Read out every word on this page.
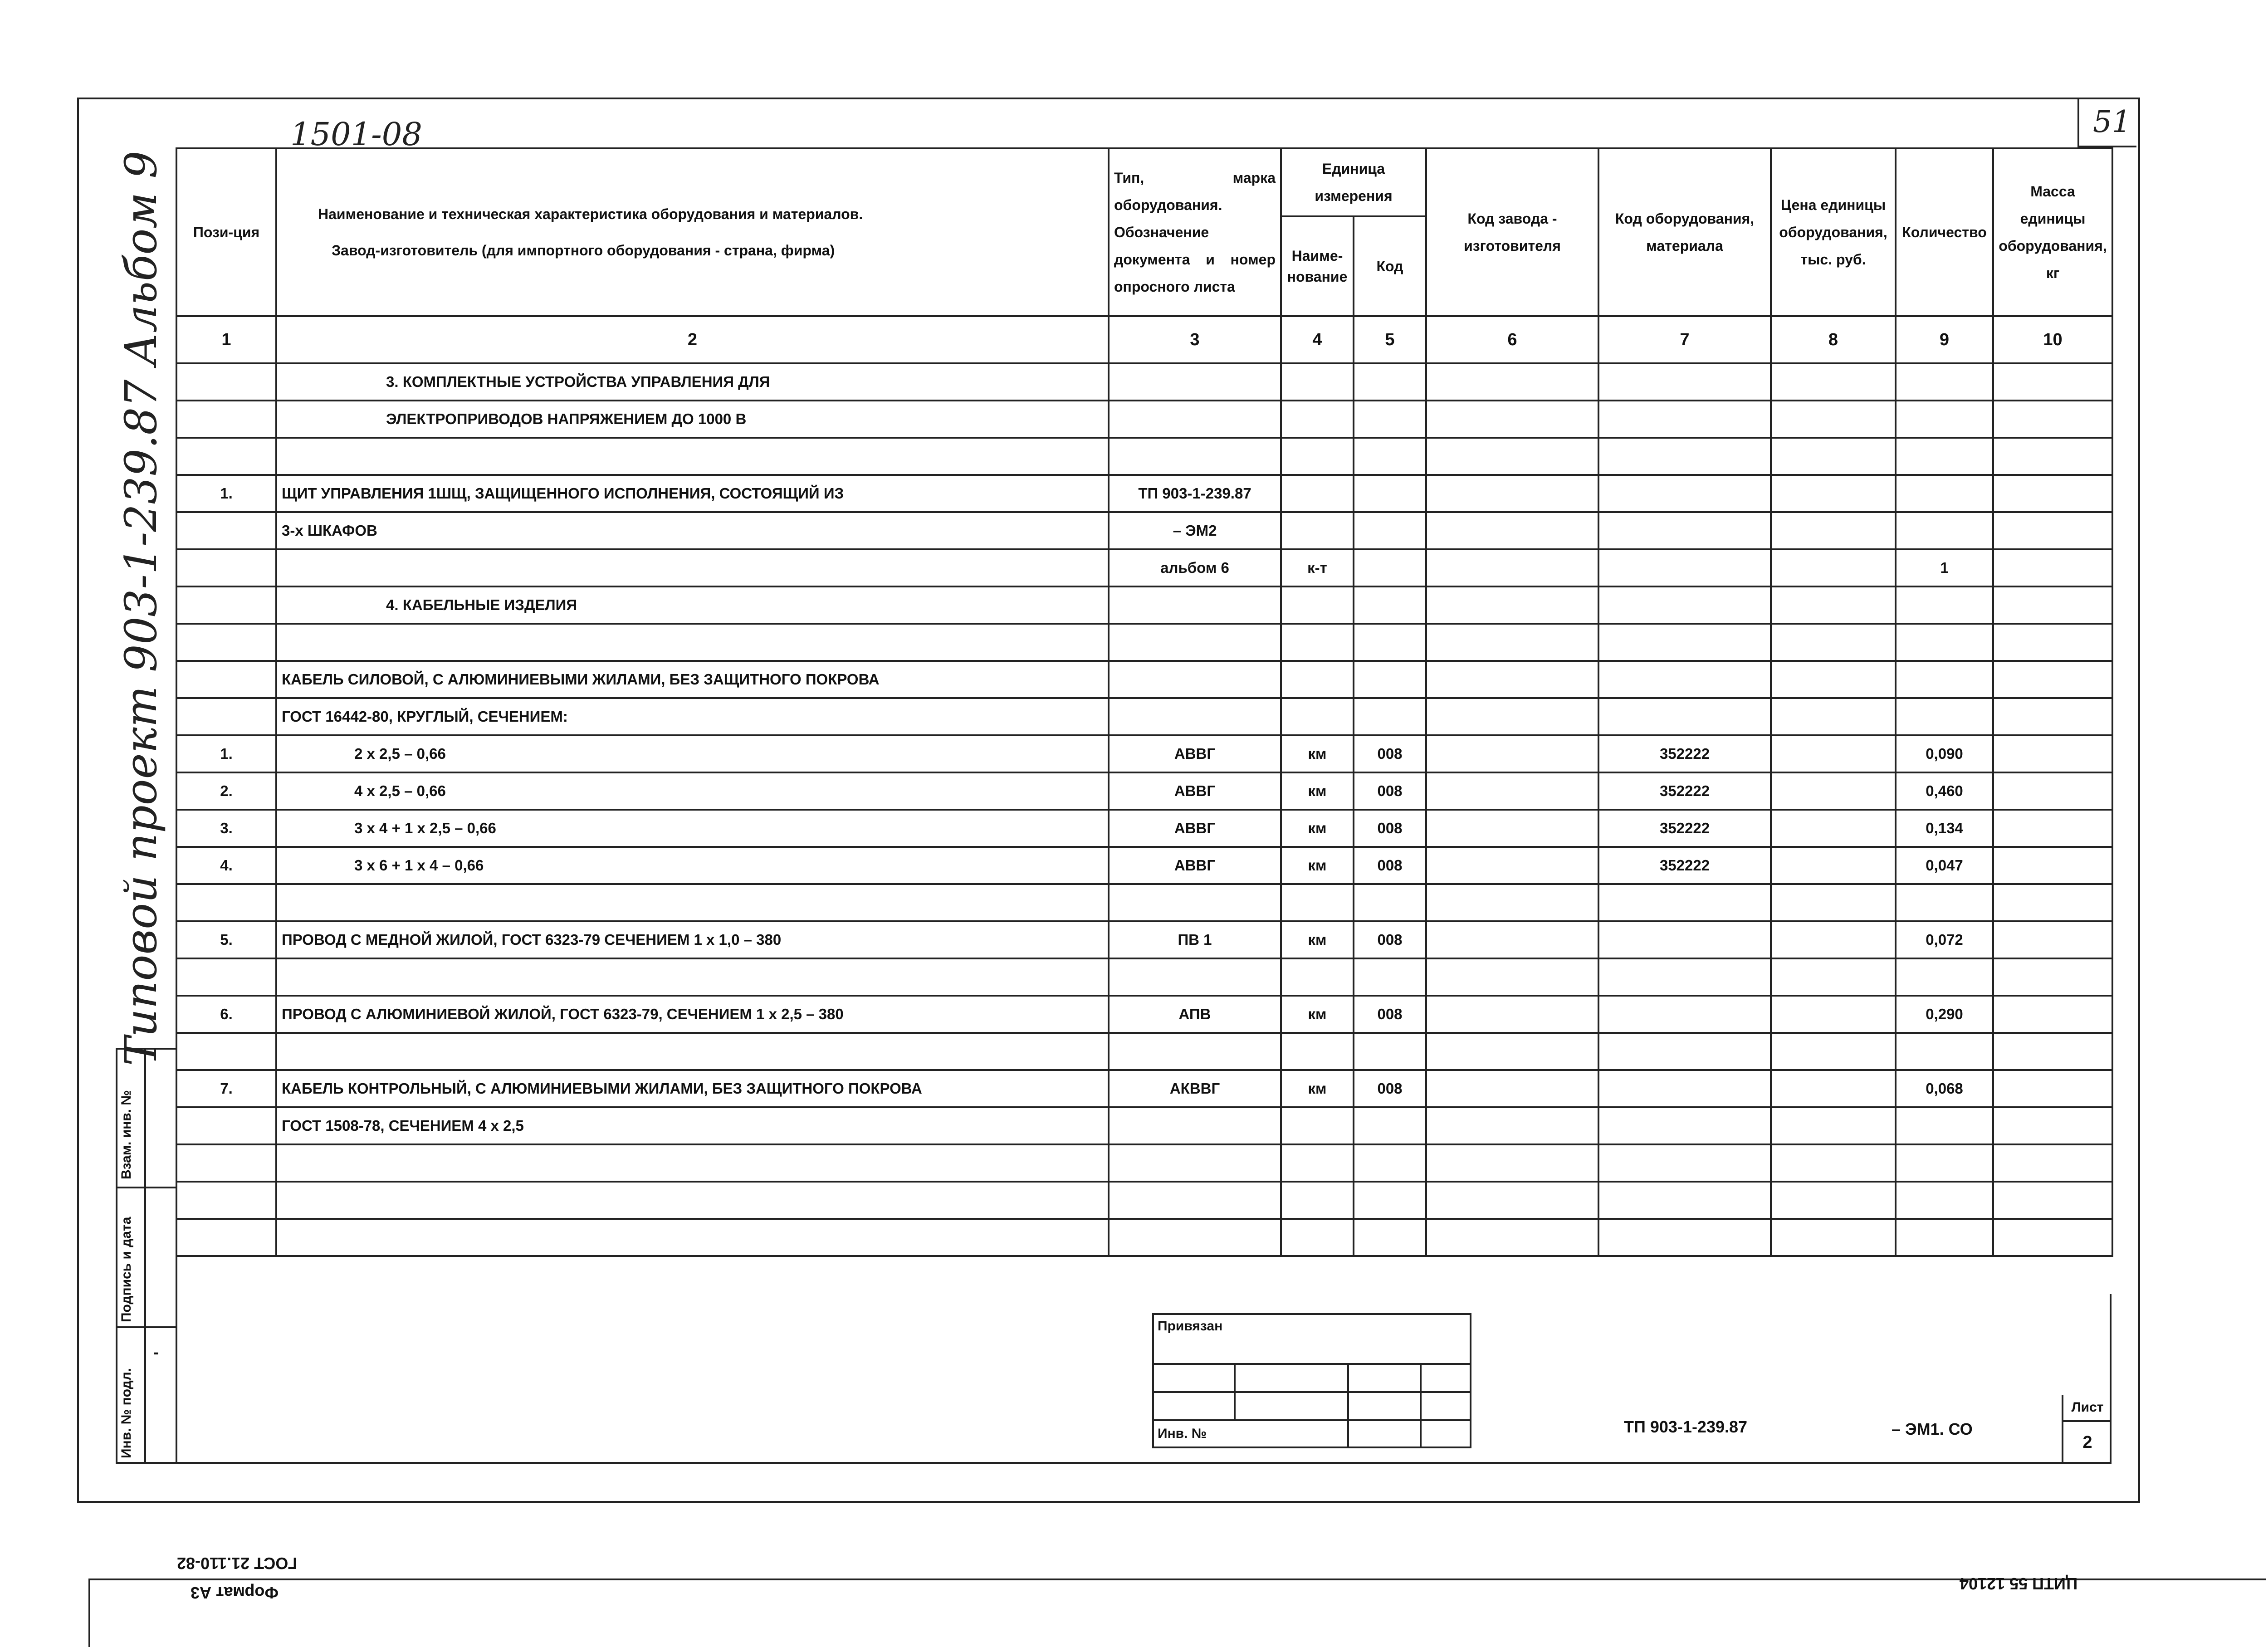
51
1501-08
Пози-ция	Наименование и техническая характеристика оборудования и материалов.
Завод-изготовитель (для импортного оборудования - страна, фирма)	Тип, марка оборудования. Обозначение документа и номер опросного листа	Единица измерения		Код завода - изготовителя	Код оборудования, материала	Цена единицы оборудования, тыс. руб.	Количество	Масса единицы оборудования, кг
			Наиме-нование	Код					
1	2	3	4	5	6	7	8	9	10
	3. КОМПЛЕКТНЫЕ УСТРОЙСТВА УПРАВЛЕНИЯ ДЛЯ								
	ЭЛЕКТРОПРИВОДОВ НАПРЯЖЕНИЕМ ДО 1000 В								

1.	ЩИТ УПРАВЛЕНИЯ 1ШЩ, ЗАЩИЩЕННОГО ИСПОЛНЕНИЯ, СОСТОЯЩИЙ ИЗ	ТП 903-1-239.87							
	3-х ШКАФОВ	– ЭМ2							
		альбом 6	к-т					1	
	4. КАБЕЛЬНЫЕ ИЗДЕЛИЯ								

	КАБЕЛЬ СИЛОВОЙ, С АЛЮМИНИЕВЫМИ ЖИЛАМИ, БЕЗ ЗАЩИТНОГО ПОКРОВА								
	ГОСТ 16442-80, КРУГЛЫЙ, СЕЧЕНИЕМ:								
1.	2 х 2,5 – 0,66	АВВГ	км	008		352222		0,090	
2.	4 х 2,5 – 0,66	АВВГ	км	008		352222		0,460	
3.	3 х 4 + 1 х 2,5 – 0,66	АВВГ	км	008		352222		0,134	
4.	3 х 6 + 1 х 4 – 0,66	АВВГ	км	008		352222		0,047	

5.	ПРОВОД С МЕДНОЙ ЖИЛОЙ, ГОСТ 6323-79 СЕЧЕНИЕМ 1 х 1,0 – 380	ПВ 1	км	008				0,072	

6.	ПРОВОД С АЛЮМИНИЕВОЙ ЖИЛОЙ, ГОСТ 6323-79, СЕЧЕНИЕМ 1 х 2,5 – 380	АПВ	км	008				0,290	

7.	КАБЕЛЬ КОНТРОЛЬНЫЙ, С АЛЮМИНИЕВЫМИ ЖИЛАМИ, БЕЗ ЗАЩИТНОГО ПОКРОВА	АКВВГ	км	008				0,068	
	ГОСТ 1508-78, СЕЧЕНИЕМ 4 х 2,5								

Привязан			

Инв. №				ТП 903-1-239.87	– ЭМ1. СО
Лист
2
Взам. инв. №
Подпись и дата
Инв. № подл.
-
Типовой проект 903-1-239.87 Альбом 9
ГОСТ 21.110-82
Формат А3	ЦИТП 55 12104
